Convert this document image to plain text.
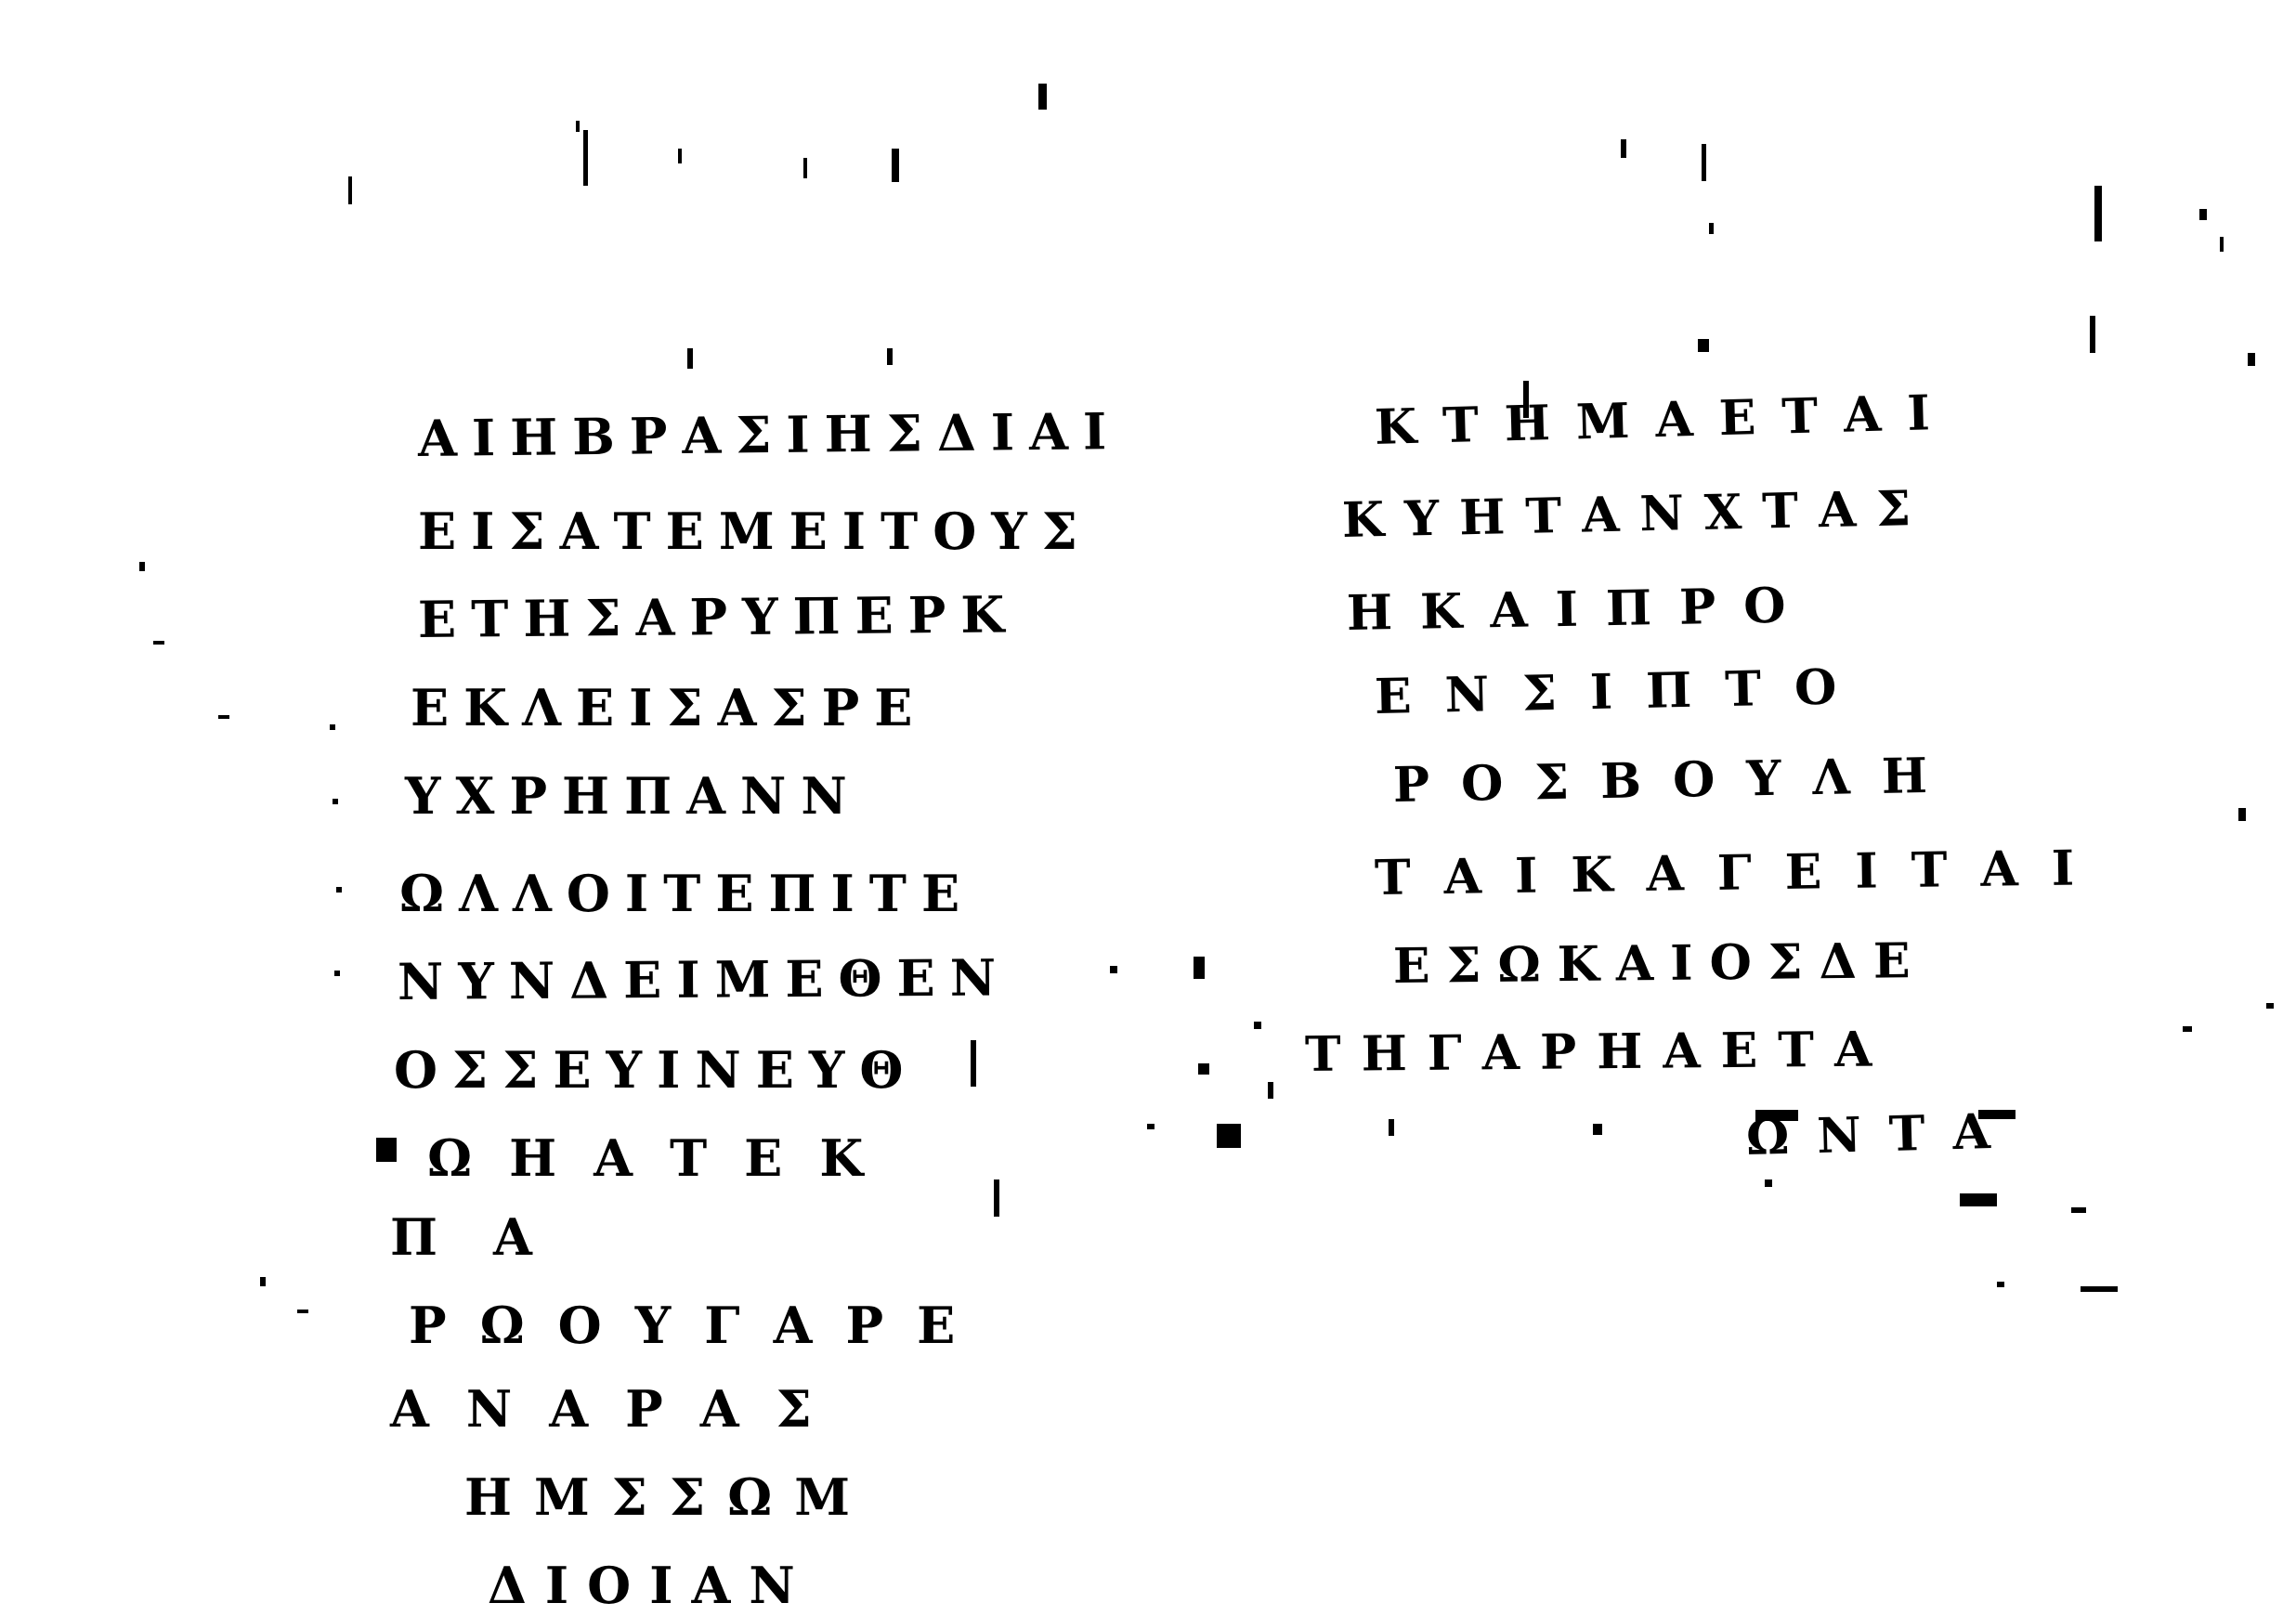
ΑΙΗΒΡΑΣΙΗΣΔΙΑΙ
ΕΙΣΑΤΕΜΕΙΤΟΥΣ
ΕΤΗΣΑΡΥΠΕΡΚ
ΕΚΛΕΙΣΑΣΡΕ
ΥΧΡΗΠΑΝΝ
ΩΛΛΟΙΤΕΠΙΤΕ
ΝΥΝΔΕΙΜΕΘΕΝ
ΟΣΣΕΥΙΝΕΥΘ
ΩΗΑΤΕΚ
ΠΑ
ΡΩΟΥΓΑΡΕ
ΑΝΑΡΑΣ
ΗΜΣΣΩΜ
ΔΙΟΙΑΝ
ΚΤΗΜΑΕΤΑΙ
ΚΥΗΤΑΝΧΤΑΣ
ΗΚΑΙΠΡΟ
ΕΝΣΙΠΤΟ
ΡΟΣΒΟΥΛΗ
ΤΑΙΚΑΓΕΙΤΑΙ
ΕΣΩΚΑΙΟΣΔΕ
ΤΗΓΑΡΗΑΕΤΑ
ΩΝΤΑ
